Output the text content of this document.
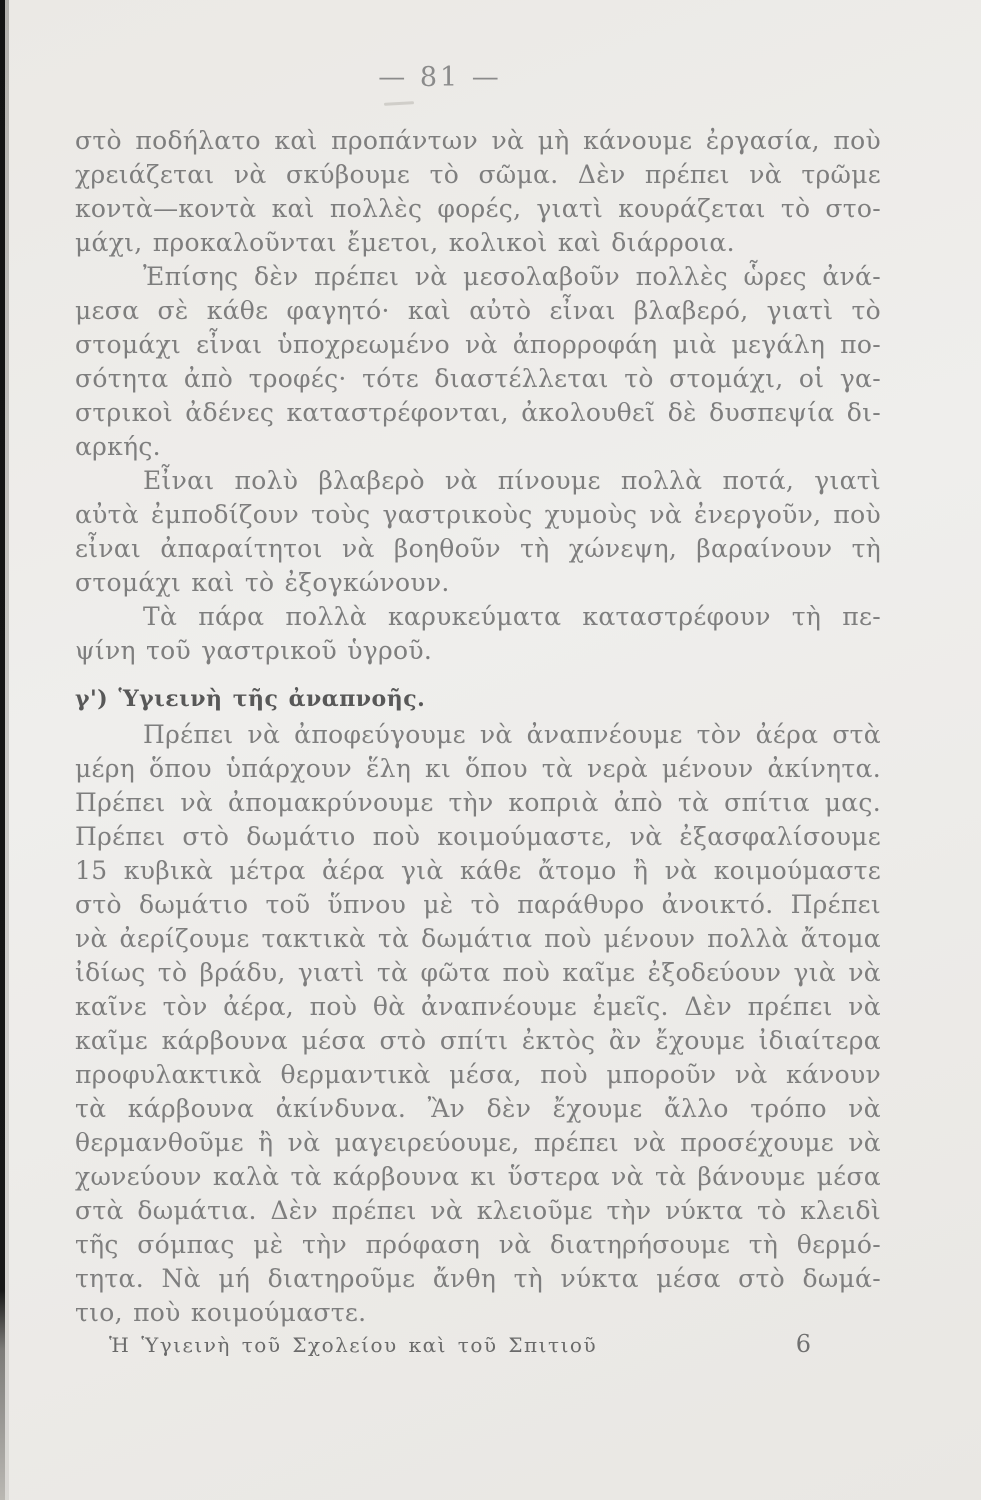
— 81 —

στὸ ποδήλατο καὶ προπάντων νὰ μὴ κάνουμε ἐργασία, ποὺ

χρειάζεται νὰ σκύβουμε τὸ σῶμα. Δὲν πρέπει νὰ τρῶμε

κοντὰ—κοντὰ καὶ πολλὲς φορές, γιατὶ κουράζεται τὸ στο-

μάχι, προκαλοῦνται ἔμετοι, κολικοὶ καὶ διάρροια.

Ἐπίσης δὲν πρέπει νὰ μεσολαβοῦν πολλὲς ὧρες ἀνά-

μεσα σὲ κάθε φαγητό· καὶ αὐτὸ εἶναι βλαβερό, γιατὶ τὸ

στομάχι εἶναι ὑποχρεωμένο νὰ ἀπορροφάη μιὰ μεγάλη πο-

σότητα ἀπὸ τροφές· τότε διαστέλλεται τὸ στομάχι, οἱ γα-

στρικοὶ ἀδένες καταστρέφονται, ἀκολουθεῖ δὲ δυσπεψία δι-

αρκής.

Εἶναι πολὺ βλαβερὸ νὰ πίνουμε πολλὰ ποτά, γιατὶ

αὐτὰ ἐμποδίζουν τοὺς γαστρικοὺς χυμοὺς νὰ ἐνεργοῦν, ποὺ

εἶναι ἀπαραίτητοι νὰ βοηθοῦν τὴ χώνεψη, βαραίνουν τὴ

στομάχι καὶ τὸ ἐξογκώνουν.

Τὰ πάρα πολλὰ καρυκεύματα καταστρέφουν τὴ πε-

ψίνη τοῦ γαστρικοῦ ὑγροῦ.

γ') Ὑγιεινὴ τῆς ἀναπνοῆς.

Πρέπει νὰ ἀποφεύγουμε νὰ ἀναπνέουμε τὸν ἀέρα στὰ

μέρη ὅπου ὑπάρχουν ἕλη κι ὅπου τὰ νερὰ μένουν ἀκίνητα.

Πρέπει νὰ ἀπομακρύνουμε τὴν κοπριὰ ἀπὸ τὰ σπίτια μας.

Πρέπει στὸ δωμάτιο ποὺ κοιμούμαστε, νὰ ἐξασφαλίσουμε

15 κυβικὰ μέτρα ἀέρα γιὰ κάθε ἄτομο ἢ νὰ κοιμούμαστε

στὸ δωμάτιο τοῦ ὕπνου μὲ τὸ παράθυρο ἀνοικτό. Πρέπει

νὰ ἀερίζουμε τακτικὰ τὰ δωμάτια ποὺ μένουν πολλὰ ἄτομα

ἰδίως τὸ βράδυ, γιατὶ τὰ φῶτα ποὺ καῖμε ἐξοδεύουν γιὰ νὰ

καῖνε τὸν ἀέρα, ποὺ θὰ ἀναπνέουμε ἐμεῖς. Δὲν πρέπει νὰ

καῖμε κάρβουνα μέσα στὸ σπίτι ἐκτὸς ἂν ἔχουμε ἰδιαίτερα

προφυλακτικὰ θερμαντικὰ μέσα, ποὺ μποροῦν νὰ κάνουν

τὰ κάρβουνα ἀκίνδυνα. Ἂν δὲν ἔχουμε ἄλλο τρόπο νὰ

θερμανθοῦμε ἢ νὰ μαγειρεύουμε, πρέπει νὰ προσέχουμε νὰ

χωνεύουν καλὰ τὰ κάρβουνα κι ὕστερα νὰ τὰ βάνουμε μέσα

στὰ δωμάτια. Δὲν πρέπει νὰ κλειοῦμε τὴν νύκτα τὸ κλειδὶ

τῆς σόμπας μὲ τὴν πρόφαση νὰ διατηρήσουμε τὴ θερμό-

τητα. Νὰ μή διατηροῦμε ἄνθη τὴ νύκτα μέσα στὸ δωμά-

τιο, ποὺ κοιμούμαστε.

Ἡ Ὑγιεινὴ τοῦ Σχολείου καὶ τοῦ Σπιτιοῦ	6
